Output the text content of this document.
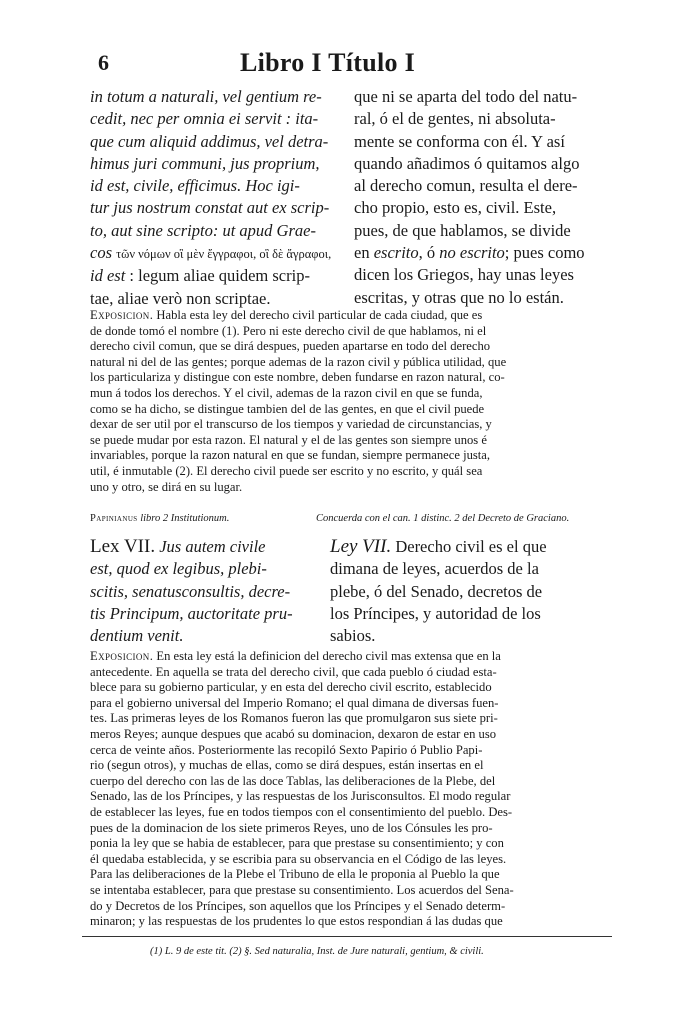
6	Libro I Título I
in totum a naturali, vel gentium re-
cedit, nec per omnia ei servit : ita-
que cum aliquid addimus, vel detra-
himus juri communi, jus proprium,
id est, civile, efficimus. Hoc igi-
tur jus nostrum constat aut ex scrip-
to, aut sine scripto: ut apud Grae-
cos τῶν νόμων οἳ μὲν ἔγγραφοι, οἳ δὲ ἄγραφοι,
id est : legum aliae quidem scrip-
tae, aliae verò non scriptae.
que ni se aparta del todo del natu-
ral, ó el de gentes, ni absoluta-
mente se conforma con él. Y así
quando añadimos ó quitamos algo
al derecho comun, resulta el dere-
cho propio, esto es, civil. Este,
pues, de que hablamos, se divide
en escrito, ó no escrito; pues como
dicen los Griegos, hay unas leyes
escritas, y otras que no lo están.
Exposicion. Habla esta ley del derecho civil particular de cada ciudad, que es
de donde tomó el nombre (1). Pero ni este derecho civil de que hablamos, ni el
derecho civil comun, que se dirá despues, pueden apartarse en todo del derecho
natural ni del de las gentes; porque ademas de la razon civil y pública utilidad, que
los particulariza y distingue con este nombre, deben fundarse en razon natural, co-
mun á todos los derechos. Y el civil, ademas de la razon civil en que se funda,
como se ha dicho, se distingue tambien del de las gentes, en que el civil puede
dexar de ser util por el transcurso de los tiempos y variedad de circunstancias, y
se puede mudar por esta razon. El natural y el de las gentes son siempre unos é
invariables, porque la razon natural en que se fundan, siempre permanece justa,
util, é inmutable (2). El derecho civil puede ser escrito y no escrito, y quál sea
uno y otro, se dirá en su lugar.
Papinianus libro 2 Institutionum.	Concuerda con el can. 1 distinc. 2 del Decreto de Graciano.
Lex VII. Jus autem civile
est, quod ex legibus, plebi-
scitis, senatusconsultis, decre-
tis Principum, auctoritate pru-
dentium venit.
Ley VII. Derecho civil es el que
dimana de leyes, acuerdos de la
plebe, ó del Senado, decretos de
los Príncipes, y autoridad de los
sabios.
Exposicion. En esta ley está la definicion del derecho civil mas extensa que en la
antecedente. En aquella se trata del derecho civil, que cada pueblo ó ciudad esta-
blece para su gobierno particular, y en esta del derecho civil escrito, establecido
para el gobierno universal del Imperio Romano; el qual dimana de diversas fuen-
tes. Las primeras leyes de los Romanos fueron las que promulgaron sus siete pri-
meros Reyes; aunque despues que acabó su dominacion, dexaron de estar en uso
cerca de veinte años. Posteriormente las recopiló Sexto Papirio ó Publio Papi-
rio (segun otros), y muchas de ellas, como se dirá despues, están insertas en el
cuerpo del derecho con las de las doce Tablas, las deliberaciones de la Plebe, del
Senado, las de los Príncipes, y las respuestas de los Jurisconsultos. El modo regular
de establecer las leyes, fue en todos tiempos con el consentimiento del pueblo. Des-
pues de la dominacion de los siete primeros Reyes, uno de los Cónsules les pro-
ponia la ley que se habia de establecer, para que prestase su consentimiento; y con
él quedaba establecida, y se escribia para su observancia en el Código de las leyes.
Para las deliberaciones de la Plebe el Tribuno de ella le proponia al Pueblo la que
se intentaba establecer, para que prestase su consentimiento. Los acuerdos del Sena-
do y Decretos de los Príncipes, son aquellos que los Príncipes y el Senado determ-
minaron; y las respuestas de los prudentes lo que estos respondian á las dudas que
(1) L. 9 de este tit. (2) §. Sed naturalia, Inst. de Jure naturali, gentium, & civili.
